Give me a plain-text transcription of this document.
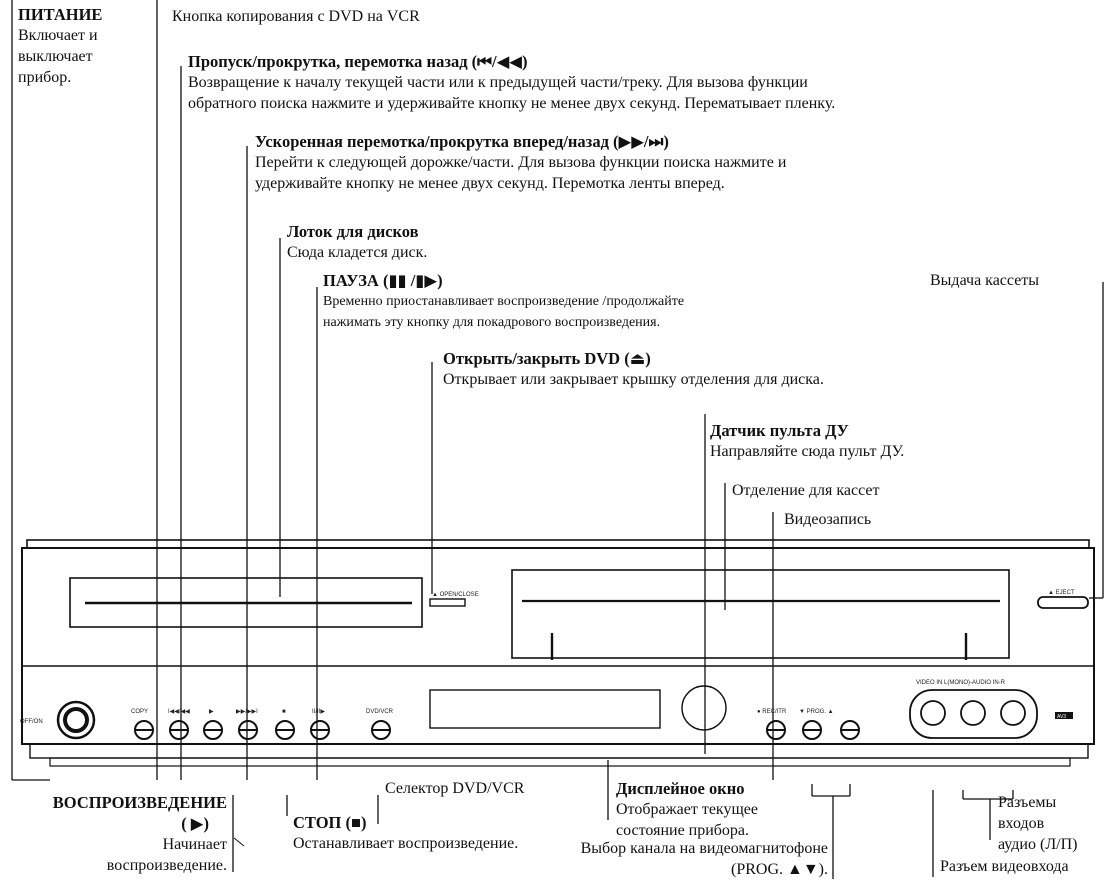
OFF/ON
▲ OPEN/CLOSE	▲ EJECT
COPY	I◀◀/◀◀	▶	▶▶/▶▶I	■	II/II▶	DVD/VCR	● REC/ITR ▼ PROG. ▲
VIDEO IN L(MONO)-AUDIO IN-R
AV3
ПИТАНИЕ
Включает и
выключает
прибор.
Кнопка копирования с DVD на VCR
Пропуск/прокрутка, перемотка назад (⏮/◀◀)
Возвращение к началу текущей части или к предыдущей части/треку. Для вызова функции
обратного поиска нажмите и удерживайте кнопку не менее двух секунд. Перематывает пленку.
Ускоренная перемотка/прокрутка вперед/назад (▶▶/⏭)
Перейти к следующей дорожке/части. Для вызова функции поиска нажмите и
удерживайте кнопку не менее двух секунд. Перемотка ленты вперед.
Лоток для дисков
Сюда кладется диск.
ПАУЗА (▮▮ /▮▶)
Временно приостанавливает воспроизведение /продолжайте
нажимать эту кнопку для покадрового воспроизведения.
Открыть/закрыть DVD (⏏)
Открывает или закрывает крышку отделения для диска.
Выдача кассеты
Датчик пульта ДУ
Направляйте сюда пульт ДУ.
Отделение для кассет
Видеозапись
ВОСПРОИЗВЕДЕНИЕ
( ▶)
Начинает
воспроизведение.
СТОП (■)
Останавливает воспроизведение.
Селектор DVD/VCR	Дисплейное окно
Отображает текущее
состояние прибора.
Выбор канала на видеомагнитофоне
(PROG. ▲▼).
Разъемы
входов
аудио (Л/П)
Разъем видеовхода
